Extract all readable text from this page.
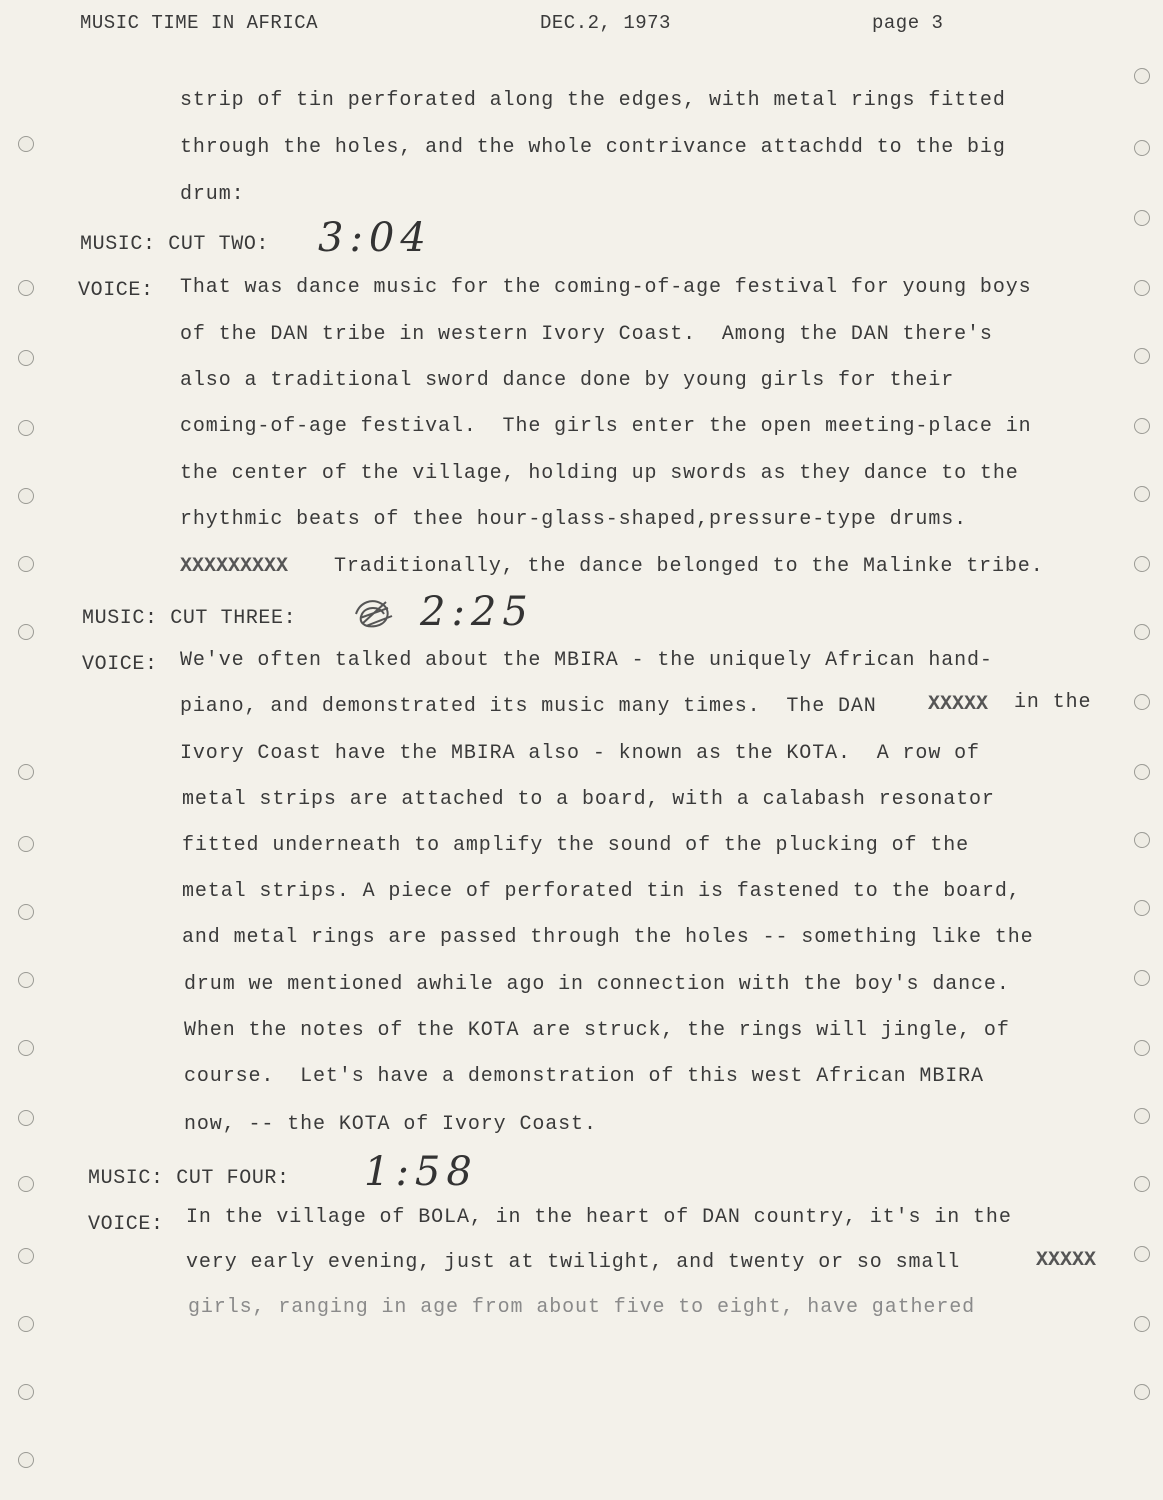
MUSIC TIME IN AFRICA	DEC.2, 1973	page 3
strip of tin perforated along the edges, with metal rings fitted
through the holes, and the whole contrivance attachdd to the big
drum:
MUSIC: CUT TWO: 3:04
VOICE: That was dance music for the coming-of-age festival for young boys
of the DAN tribe in western Ivory Coast.  Among the DAN there's
also a traditional sword dance done by young girls for their
coming-of-age festival.  The girls enter the open meeting-place in
the center of the village, holding up swords as they dance to the
rhythmic beats of thee hour-glass-shaped,pressure-type drums.
XXXXXXXXX Traditionally, the dance belonged to the Malinke tribe.
MUSIC: CUT THREE:	2:25
VOICE: We've often talked about the MBIRA - the uniquely African hand-
piano, and demonstrated its music many times.  The DAN	XXXXX in the
Ivory Coast have the MBIRA also - known as the KOTA.  A row of
metal strips are attached to a board, with a calabash resonator
fitted underneath to amplify the sound of the plucking of the
metal strips. A piece of perforated tin is fastened to the board,
and metal rings are passed through the holes -- something like the
drum we mentioned awhile ago in connection with the boy's dance.
When the notes of the KOTA are struck, the rings will jingle, of
course.  Let's have a demonstration of this west African MBIRA
now, -- the KOTA of Ivory Coast.
MUSIC: CUT FOUR: 1:58
VOICE: In the village of BOLA, in the heart of DAN country, it's in the
very early evening, just at twilight, and twenty or so small	XXXXX
girls, ranging in age from about five to eight, have gathered
